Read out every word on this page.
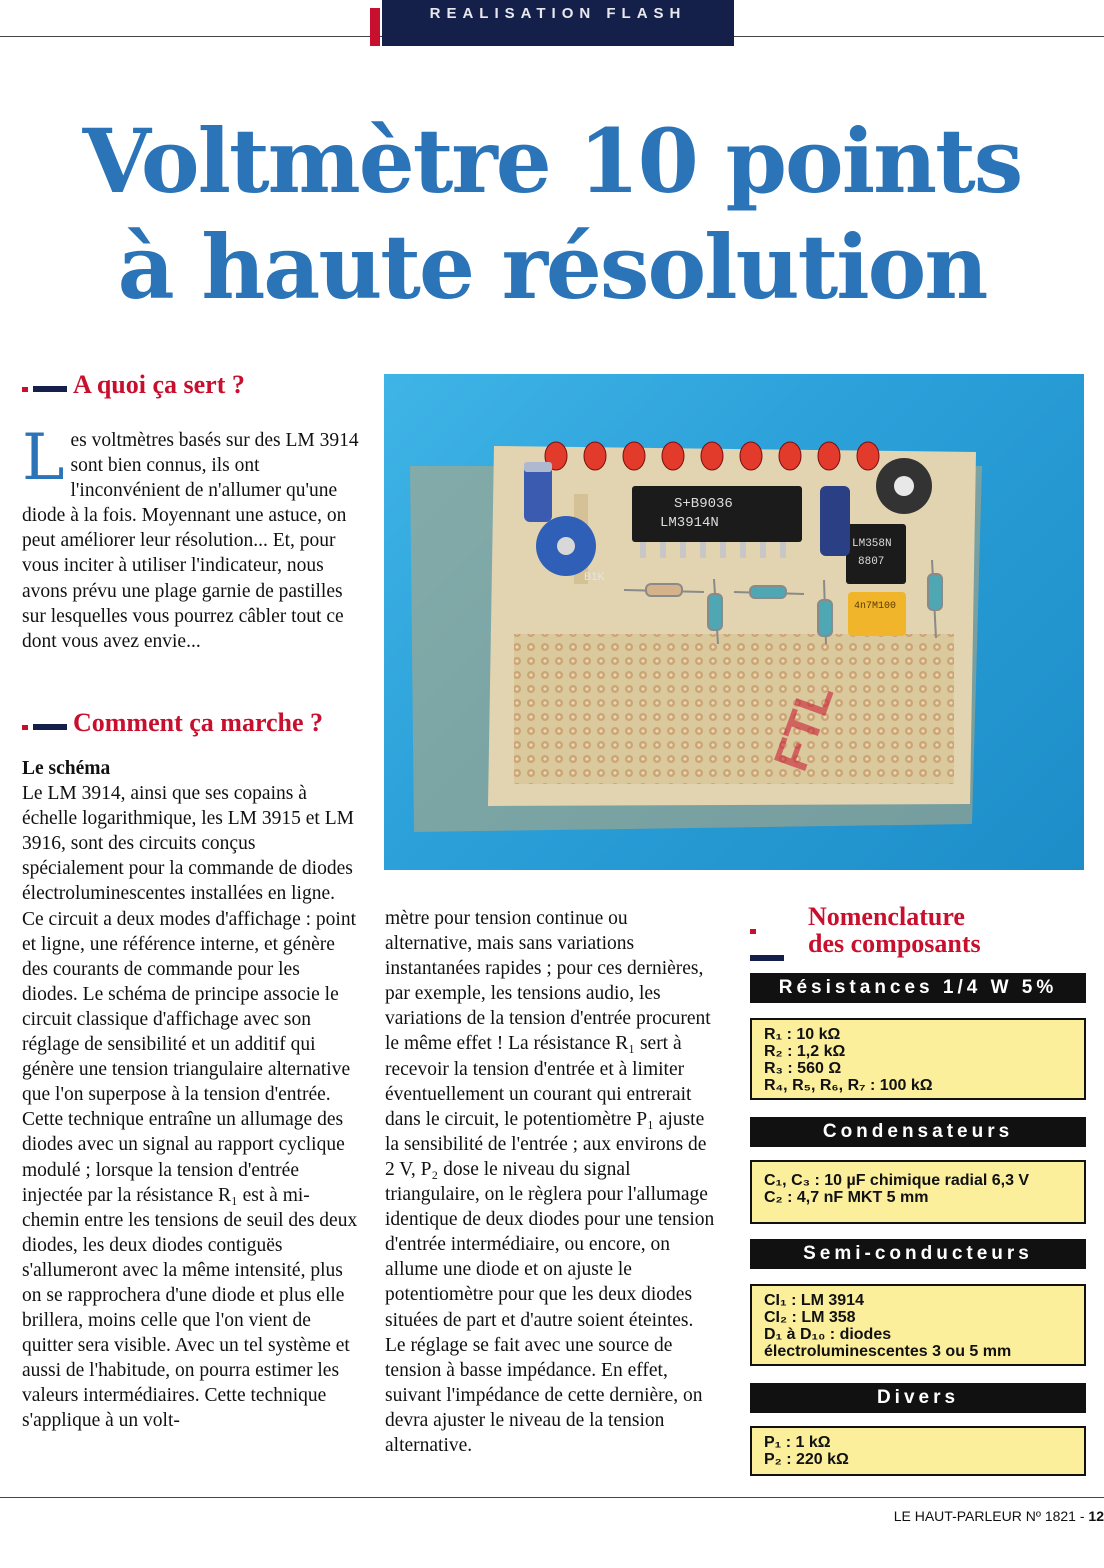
REALISATION FLASH
Voltmètre 10 points
à haute résolution
A quoi ça sert ?

Les voltmètres basés sur des LM 3914 sont bien connus, ils ont l'inconvénient de n'allumer qu'une diode à la fois. Moyennant une astuce, on peut améliorer leur résolution... Et, pour vous inciter à utiliser l'indicateur, nous avons prévu une plage garnie de pastilles sur lesquelles vous pourrez câbler tout ce dont vous avez envie...

Comment ça marche ?

Le schéma
Le LM 3914, ainsi que ses copains à échelle logarithmique, les LM 3915 et LM 3916, sont des circuits conçus spécialement pour la commande de diodes électroluminescentes installées en ligne. Ce circuit a deux modes d'affichage : point et ligne, une référence interne, et génère des courants de commande pour les diodes. Le schéma de principe associe le circuit classique d'affichage avec son réglage de sensibilité et un additif qui génère une tension triangulaire alternative que l'on superpose à la tension d'entrée. Cette technique entraîne un allumage des diodes avec un signal au rapport cyclique modulé ; lorsque la tension d'entrée injectée par la résistance R₁ est à mi-chemin entre les tensions de seuil des deux diodes, les deux diodes contiguës s'allumeront avec la même intensité, plus on se rapprochera d'une diode et plus elle brillera, moins celle que l'on vient de quitter sera visible. Avec un tel système et aussi de l'habitude, on pourra estimer les valeurs intermédiaires. Cette technique s'applique à un volt-

S+B9036
LM3914N
LM358N
8807
B1K
4n7M100
FTL

mètre pour tension continue ou alternative, mais sans variations instantanées rapides ; pour ces dernières, par exemple, les tensions audio, les variations de la tension d'entrée procurent le même effet ! La résistance R₁ sert à recevoir la tension d'entrée et à limiter éventuellement un courant qui entrerait dans le circuit, le potentiomètre P₁ ajuste la sensibilité de l'entrée ; aux environs de 2 V, P₂ dose le niveau du signal triangulaire, on le règlera pour l'allumage identique de deux diodes pour une tension d'entrée intermédiaire, ou encore, on allume une diode et on ajuste le potentiomètre pour que les deux diodes situées de part et d'autre soient éteintes. Le réglage se fait avec une source de tension à basse impédance. En effet, suivant l'impédance de cette dernière, on devra ajuster le niveau de la tension alternative.

Nomenclature
des composants
Résistances 1/4 W 5%
R₁ : 10 kΩ
R₂ : 1,2 kΩ
R₃ : 560 Ω
R₄, R₅, R₆, R₇ : 100 kΩ
Condensateurs
C₁, C₃ : 10 µF chimique radial 6,3 V
C₂ : 4,7 nF MKT 5 mm
Semi-conducteurs
CI₁ : LM 3914
CI₂ : LM 358
D₁ à D₁₀ : diodes
électroluminescentes 3 ou 5 mm
Divers
P₁ : 1 kΩ
P₂ : 220 kΩ
LE HAUT-PARLEUR Nº 1821 - 12
